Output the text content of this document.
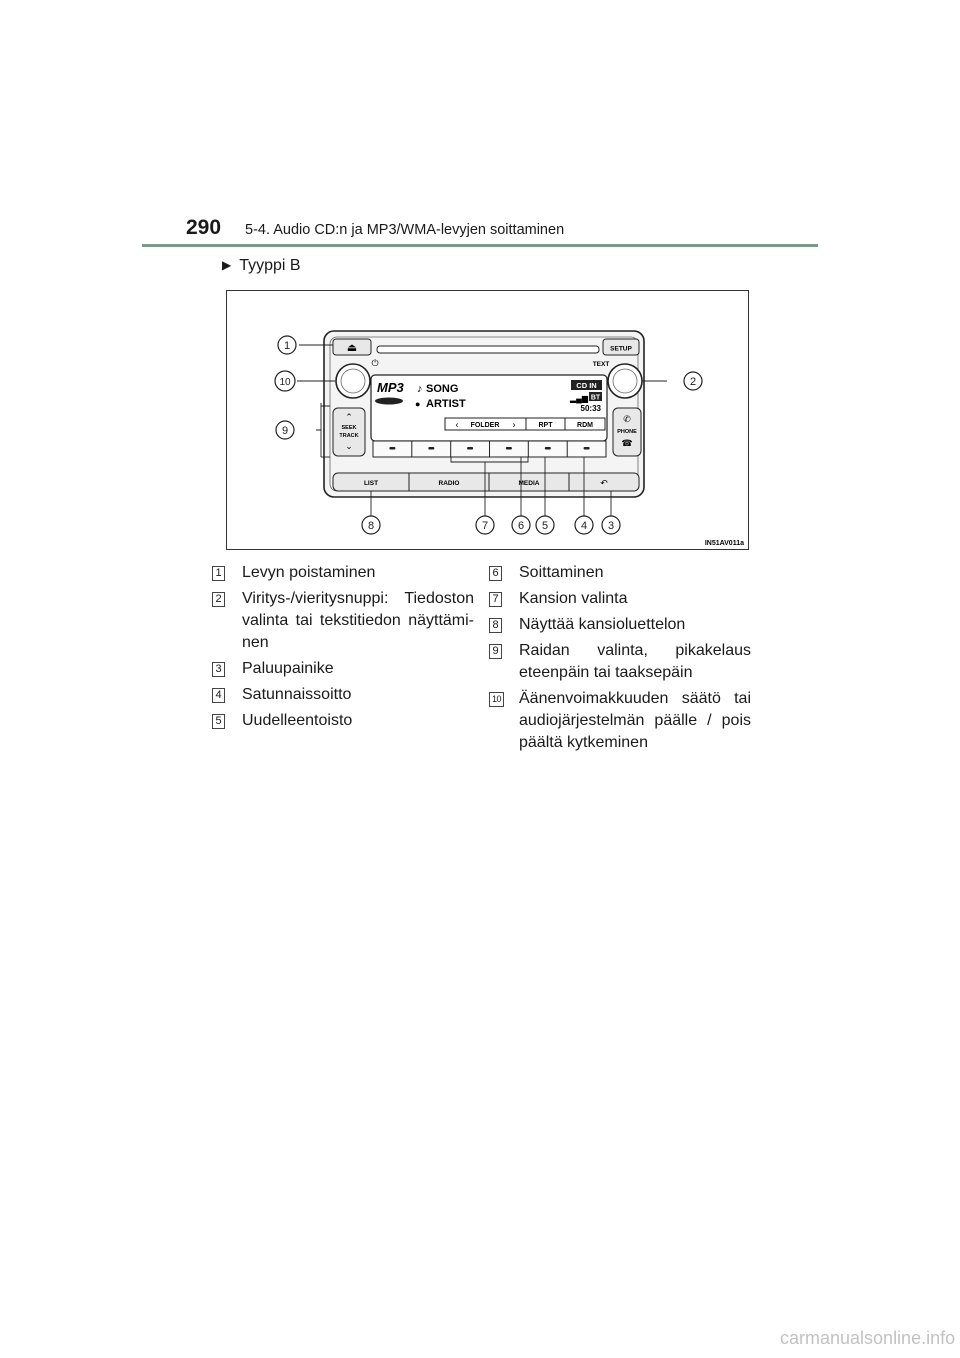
290 5-4. Audio CD:n ja MP3/WMA-levyjen soittaminen
▶ Tyyppi B
⏏	SETUP
⏻	TEXT
MP3 ♪ SONG
● ARTIST
CD IN
▂▄▆ BT
50:33
‹ FOLDER ›	RPT	RDM
⌃
SEEK
TRACK
⌄
✆
PHONE
☎
LIST	RADIO	MEDIA	↶
1
10	2
9
8	7	6 5	4 3
IN51AV011a
1 Levyn poistaminen
2 Viritys-/vieritysnuppi: Tiedoston valinta tai tekstitiedon näyttämi-nen
3 Paluupainike
4 Satunnaissoitto
5 Uudelleentoisto
6 Soittaminen
7 Kansion valinta
8 Näyttää kansioluettelon
9 Raidan valinta, pikakelaus eteenpäin tai taaksepäin
10 Äänenvoimakkuuden säätö tai audiojärjestelmän päälle / pois päältä kytkeminen
carmanualsonline.info
